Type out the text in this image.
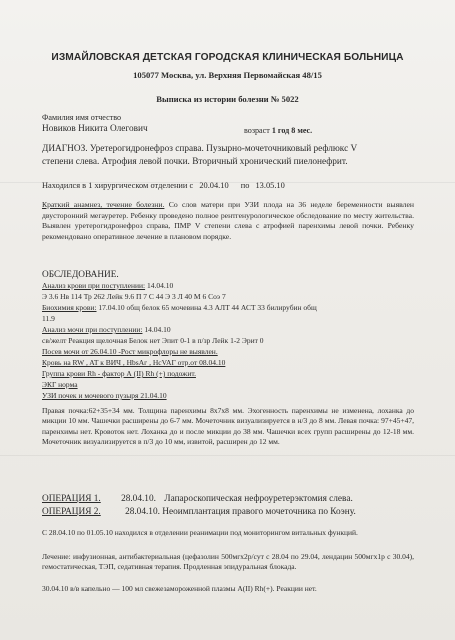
ИЗМАЙЛОВСКАЯ ДЕТСКАЯ ГОРОДСКАЯ КЛИНИЧЕСКАЯ БОЛЬНИЦА
105077 Москва, ул. Верхняя Первомайская 48/15
Выписка из истории болезни № 5022
Фамилия имя отчество
Новиков Никита Олегович	возраст 1 год 8 мес.
ДИАГНОЗ. Уретерогидронефроз справа. Пузырно-мочеточниковый рефлюкс V
степени слева. Атрофия левой почки. Вторичный хронический пиелонефрит.
Находился в 1 хирургическом отделении с 20.04.10 по 13.05.10
Краткий анамнез, течение болезни. Со слов матери при УЗИ плода на 36 неделе беременности выявлен двусторонний мегауретер. Ребенку проведено полное рентгенурологическое обследование по месту жительства. Выявлен уретерогидронефроз справа, ПМР V степени слева с атрофией паренхимы левой почки. Ребенку рекомендовано оперативное лечение в плановом порядке.
ОБСЛЕДОВАНИЕ.
Анализ крови при поступлении: 14.04.10
Э 3.6 Нв 114 Тр 262 Лейк 9.6 П 7 С 44 Э 3 Л 40 М 6 Соэ 7
Биохимия крови: 17.04.10 общ белок 65 мочевина 4.3 АЛТ 44 АСТ 33 билирубин общ
11.9
Анализ мочи при поступлении: 14.04.10
св/желт Реакция щелочная Белок нет Эпит 0-1 в п/зр Лейк 1-2 Эрит 0
Посев мочи от 26.04.10 -Рост микрофлоры не выявлен.
Кровь на RW , AT к ВИЧ , HbsAг , HcVAГ отр.от 08.04.10
Группа крови Rh - фактор А (II) Rh (+) подожит.
ЭКГ норма
УЗИ почек и мочевого пузыря 21.04.10
Правая почка:62+35+34 мм. Толщина паренхимы 8х7х8 мм. Эхогенность паренхимы не изменена, лоханка до микции 10 мм. Чашечки расширены до 6-7 мм. Мочеточник визуализируется в н/3 до 8 мм. Левая почка: 97+45+47, паренхимы нет. Кровоток нет. Лоханка до и после микции до 38 мм. Чашечки всех групп расширены до 12-18 мм. Мочеточник визуализируется в п/3 до 10 мм, извитой, расширен до 12 мм.
ОПЕРАЦИЯ 1. 28.04.10. Лапароскопическая нефроуретерэктомия слева.
ОПЕРАЦИЯ 2.	28.04.10. Неоимплантация правого мочеточника по Коэну.
С 28.04.10 по 01.05.10 находился в отделении реанимации под мониторингом витальных функций.
Лечение: инфузионная, антибактериальная (цефазолин 500мгх2р/сут с 28.04 по 29.04, лендацин 500мгх1р с 30.04), гемостатическая, ТЭП, седативная терапия. Продленная эпидуральная блокада.
30.04.10 в/в капельно — 100 мл свежезамороженной плазмы А(II) Rh(+). Реакции нет.
